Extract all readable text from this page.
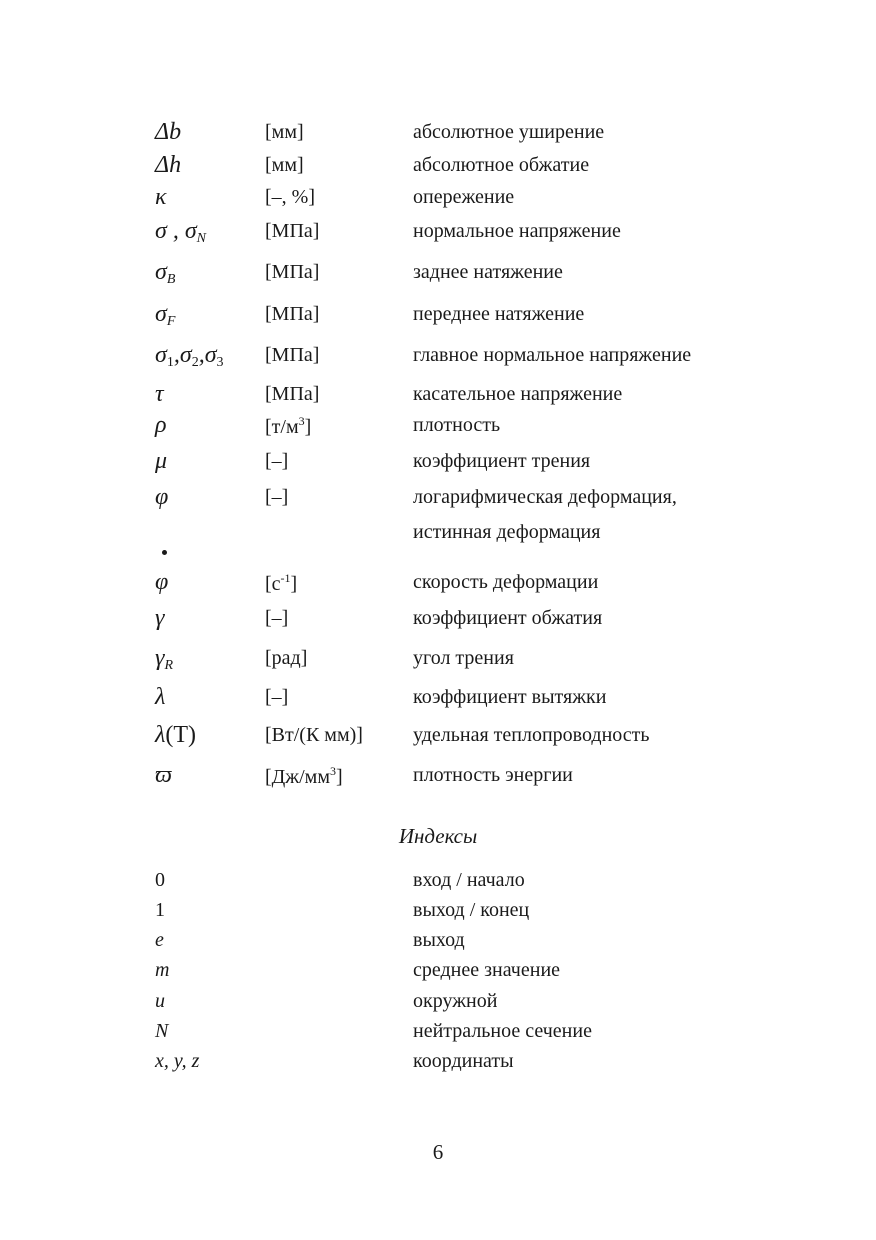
Δb	[мм]	абсолютное уширение
Δh	[мм]	абсолютное обжатие
κ	[–, %]	опережение
σ , $\sigma_N$	[МПа]	нормальное напряжение
$\sigma_B$	[МПа]	заднее натяжение
$\sigma_F$	[МПа]	переднее натяжение
$\sigma_1,\sigma_2,\sigma_3$ [МПа]	главное нормальное напряжение
τ	[МПа]	касательное напряжение
ρ	$[т/м^3]$	плотность
μ	[–]	коэффициент трения
φ	[–]	логарифмическая деформация,
истинная деформация
φ	$[с^{-1}]$	скорость деформации
γ	[–]	коэффициент обжатия
$\gamma_R$	[рад]	угол трения
λ	[–]	коэффициент вытяжки
λ(T)	[Вт/(К мм)]	удельная теплопроводность
ϖ	$[Дж/мм^3]$	плотность энергии
Индексы
0	вход / начало
1	выход / конец
e	выход
m	среднее значение
u	окружной
N	нейтральное сечение
x, y, z	координаты
6
